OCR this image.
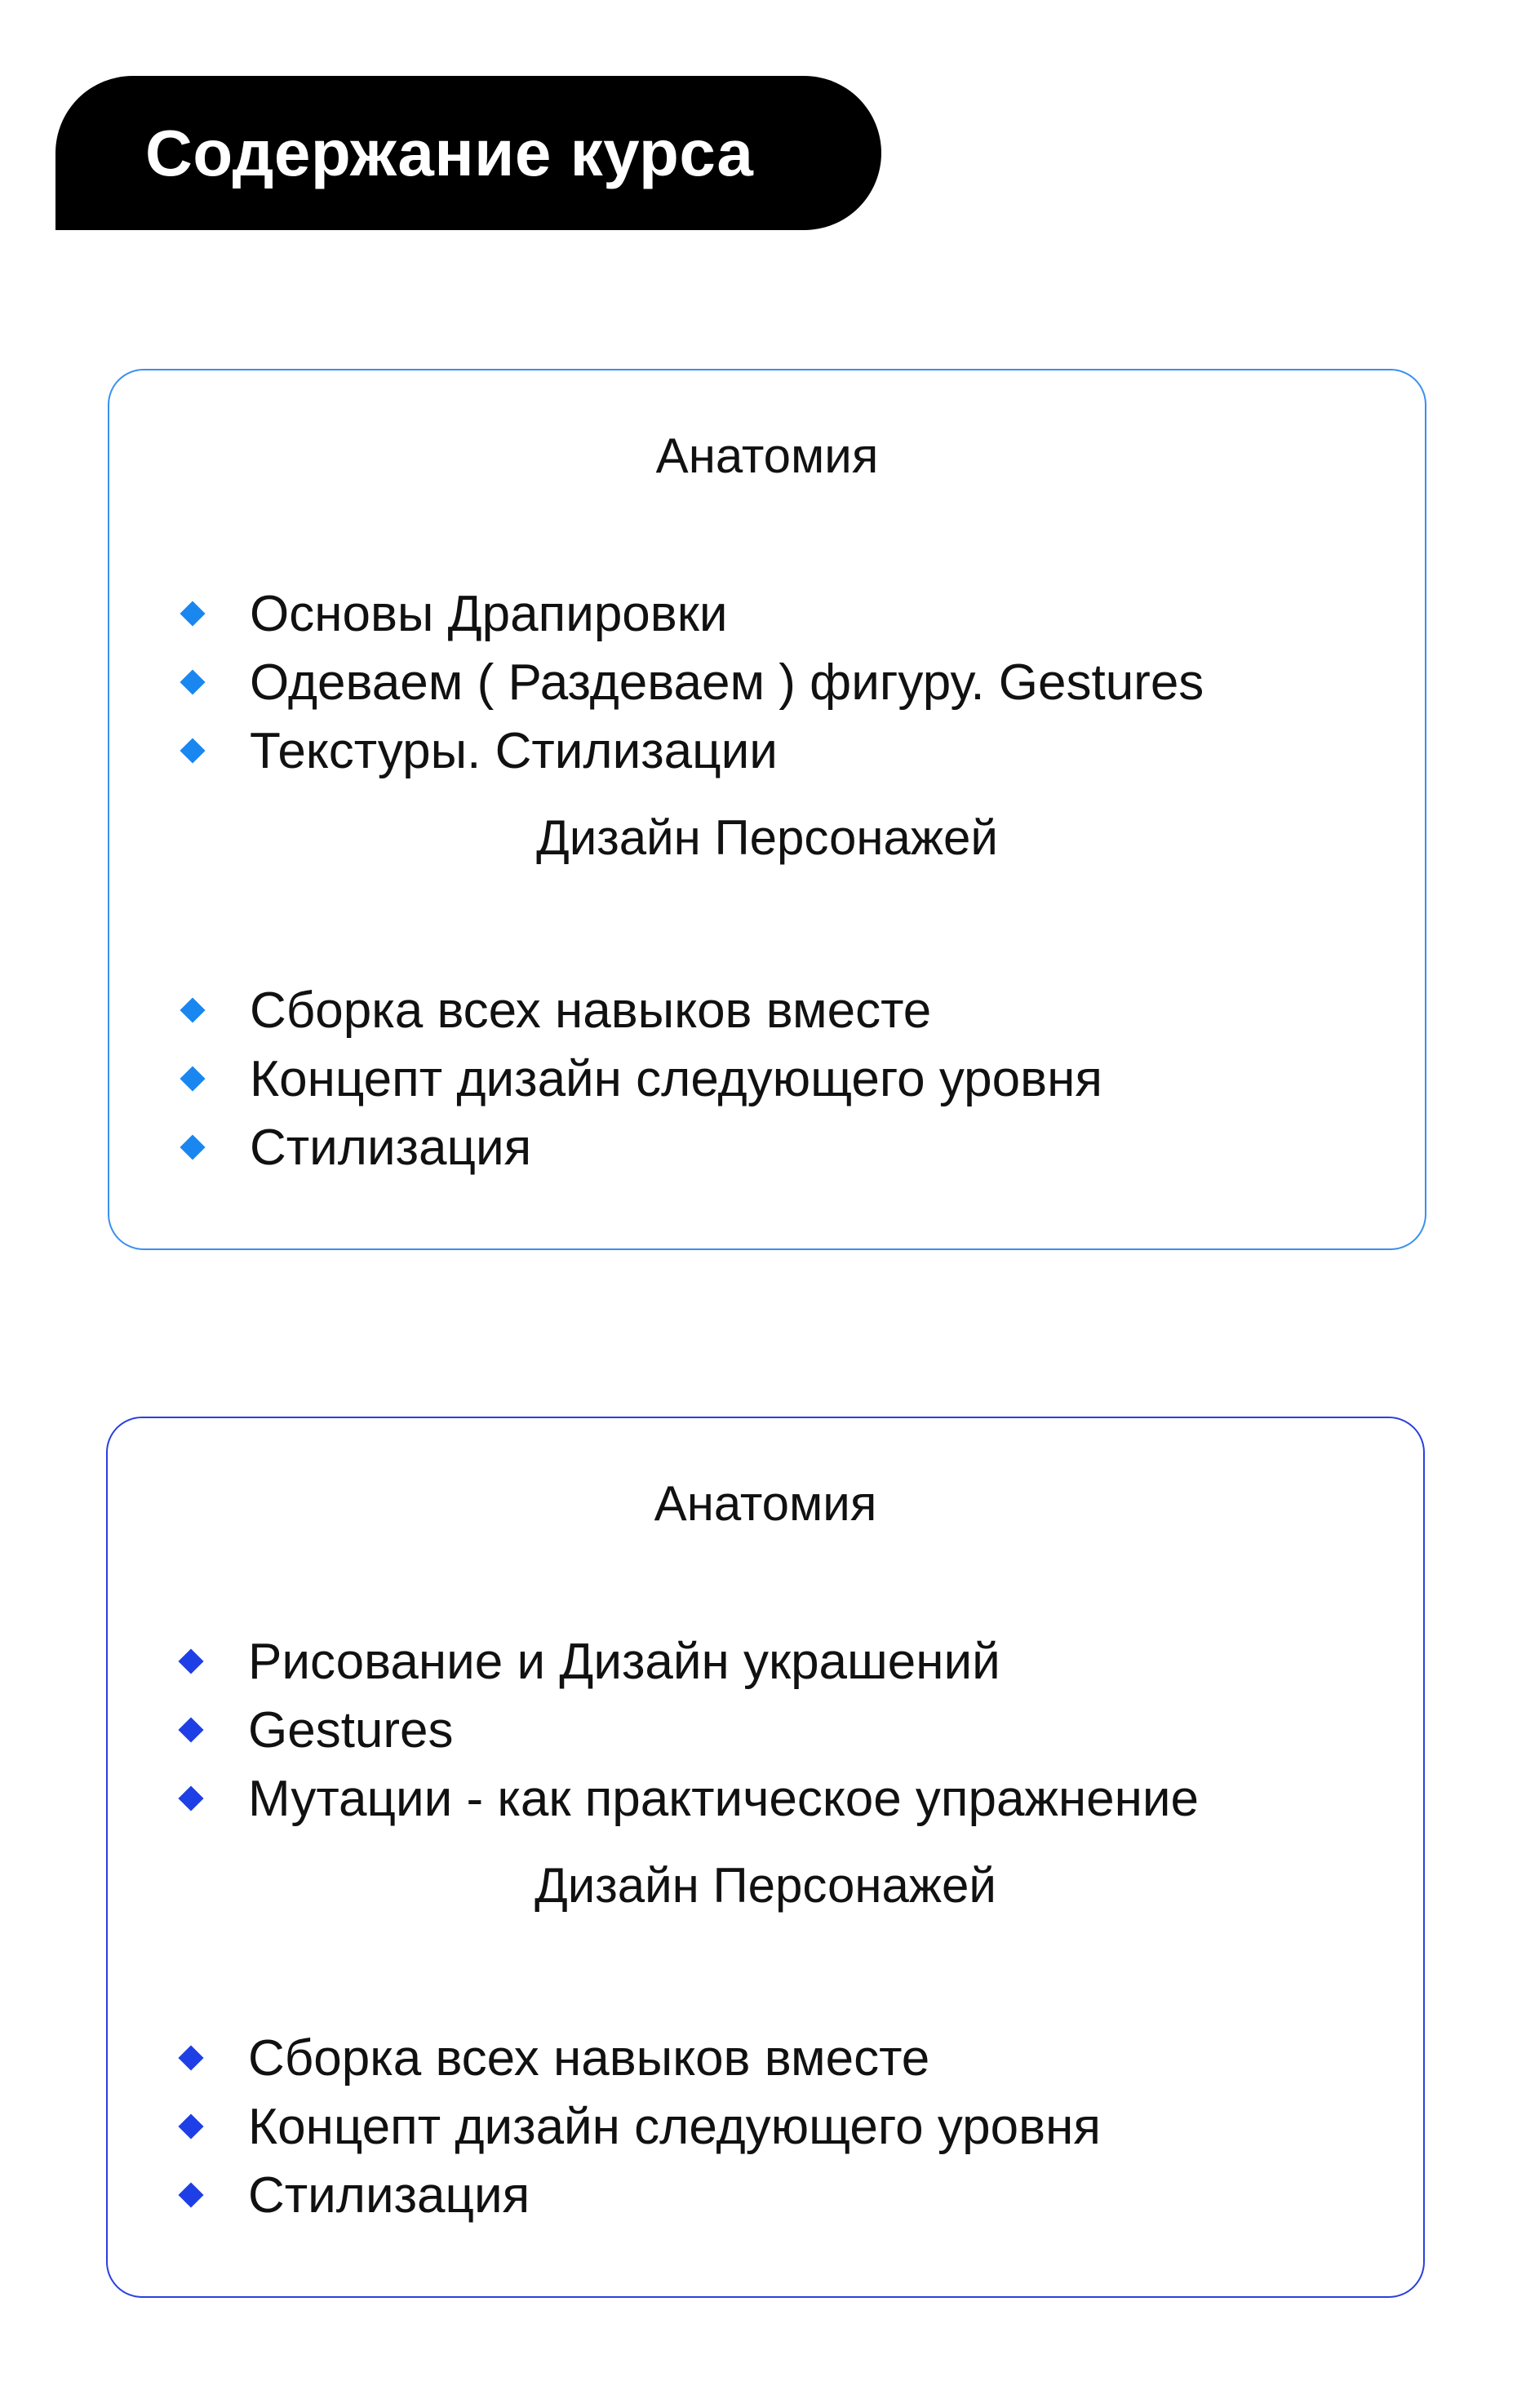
Содержание курса
Анатомия
Основы Драпировки
Одеваем ( Раздеваем ) фигуру. Gestures
Текстуры. Стилизации
Дизайн Персонажей
Сборка всех навыков вместе
Концепт дизайн следующего уровня
Стилизация
Анатомия
Рисование и Дизайн украшений
Gestures
Мутации - как практическое упражнение
Дизайн Персонажей
Сборка всех навыков вместе
Концепт дизайн следующего уровня
Стилизация
